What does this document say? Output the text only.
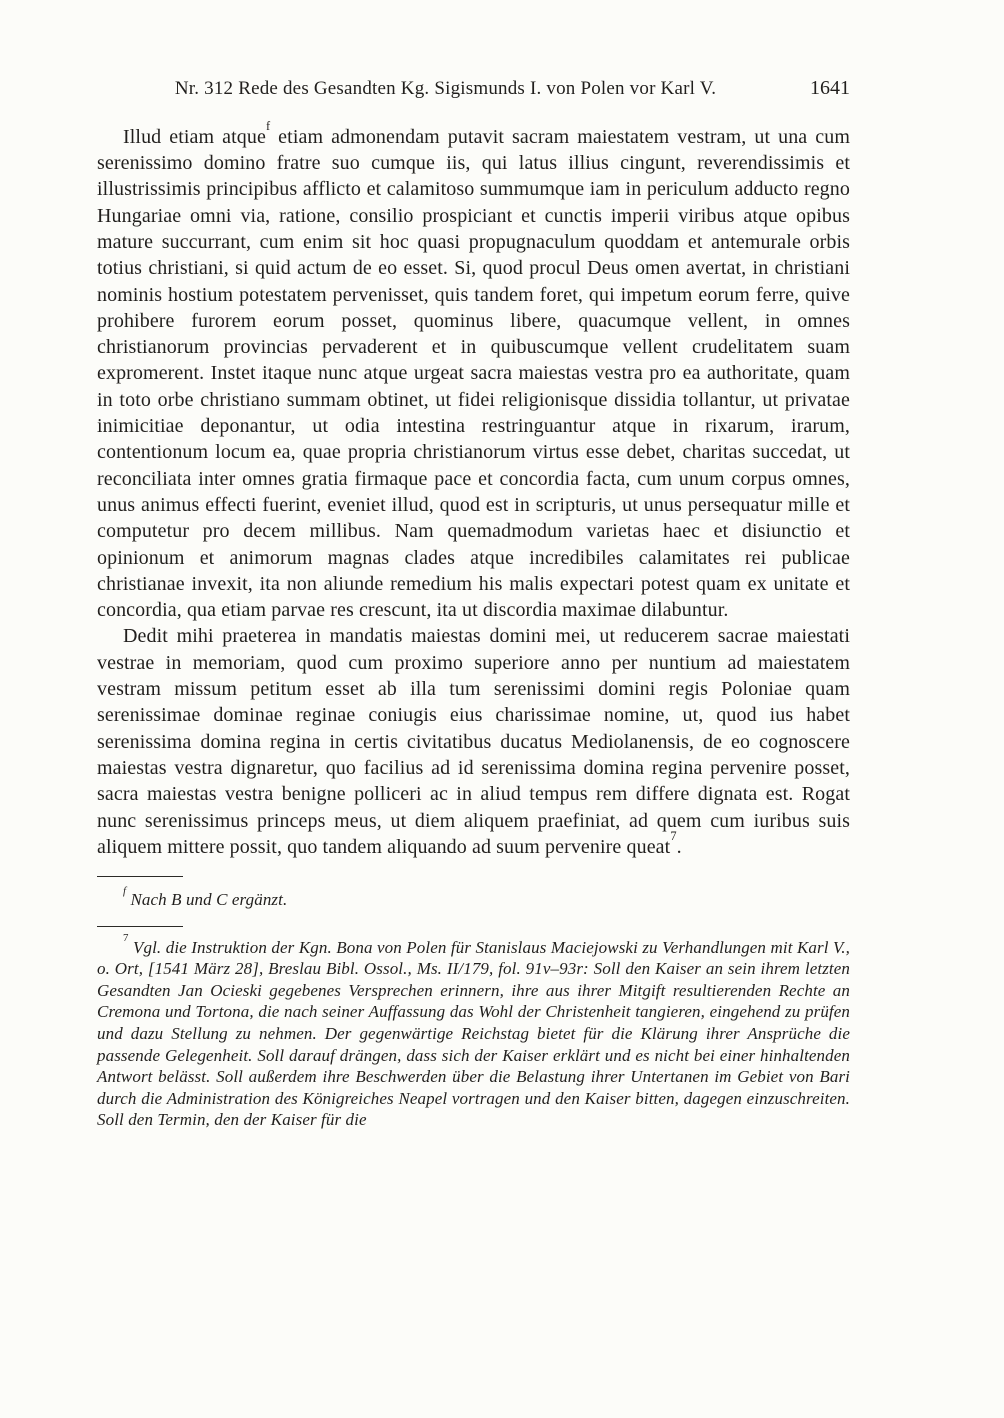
Nr. 312 Rede des Gesandten Kg. Sigismunds I. von Polen vor Karl V.	1641

Illud etiam atque$^f$ etiam admonendam putavit sacram maiestatem vestram, ut una cum serenissimo domino fratre suo cumque iis, qui latus illius cingunt, reverendissimis et illustrissimis principibus afflicto et calamitoso summumque iam in periculum adducto regno Hungariae omni via, ratione, consilio prospiciant et cunctis imperii viribus atque opibus mature succurrant, cum enim sit hoc quasi propugnaculum quoddam et antemurale orbis totius christiani, si quid actum de eo esset. Si, quod procul Deus omen avertat, in christiani nominis hostium potestatem pervenisset, quis tandem foret, qui impetum eorum ferre, quive prohibere furorem eorum posset, quominus libere, quacumque vellent, in omnes christianorum provincias pervaderent et in quibuscumque vellent crudelitatem suam expromerent. Instet itaque nunc atque urgeat sacra maiestas vestra pro ea authoritate, quam in toto orbe christiano summam obtinet, ut fidei religionisque dissidia tollantur, ut privatae inimicitiae deponantur, ut odia intestina restringuantur atque in rixarum, irarum, contentionum locum ea, quae propria christianorum virtus esse debet, charitas succedat, ut reconciliata inter omnes gratia firmaque pace et concordia facta, cum unum corpus omnes, unus animus effecti fuerint, eveniet illud, quod est in scripturis, ut unus persequatur mille et computetur pro decem millibus. Nam quemadmodum varietas haec et disiunctio et opinionum et animorum magnas clades atque incredibiles calamitates rei publicae christianae invexit, ita non aliunde remedium his malis expectari potest quam ex unitate et concordia, qua etiam parvae res crescunt, ita ut discordia maximae dilabuntur.

Dedit mihi praeterea in mandatis maiestas domini mei, ut reducerem sacrae maiestati vestrae in memoriam, quod cum proximo superiore anno per nuntium ad maiestatem vestram missum petitum esset ab illa tum serenissimi domini regis Poloniae quam serenissimae dominae reginae coniugis eius charissimae nomine, ut, quod ius habet serenissima domina regina in certis civitatibus ducatus Mediolanensis, de eo cognoscere maiestas vestra dignaretur, quo facilius ad id serenissima domina regina pervenire posset, sacra maiestas vestra benigne polliceri ac in aliud tempus rem differe dignata est. Rogat nunc serenissimus princeps meus, ut diem aliquem praefiniat, ad quem cum iuribus suis aliquem mittere possit, quo tandem aliquando ad suum pervenire queat$^7$.

$^f$ Nach B und C ergänzt.

$^7$ Vgl. die Instruktion der Kgn. Bona von Polen für Stanislaus Maciejowski zu Verhandlungen mit Karl V., o. Ort, [1541 März 28], Breslau Bibl. Ossol., Ms. II/179, fol. 91v–93r: Soll den Kaiser an sein ihrem letzten Gesandten Jan Ocieski gegebenes Versprechen erinnern, ihre aus ihrer Mitgift resultierenden Rechte an Cremona und Tortona, die nach seiner Auffassung das Wohl der Christenheit tangieren, eingehend zu prüfen und dazu Stellung zu nehmen. Der gegenwärtige Reichstag bietet für die Klärung ihrer Ansprüche die passende Gelegenheit. Soll darauf drängen, dass sich der Kaiser erklärt und es nicht bei einer hinhaltenden Antwort belässt. Soll außerdem ihre Beschwerden über die Belastung ihrer Untertanen im Gebiet von Bari durch die Administration des Königreiches Neapel vortragen und den Kaiser bitten, dagegen einzuschreiten. Soll den Termin, den der Kaiser für die
